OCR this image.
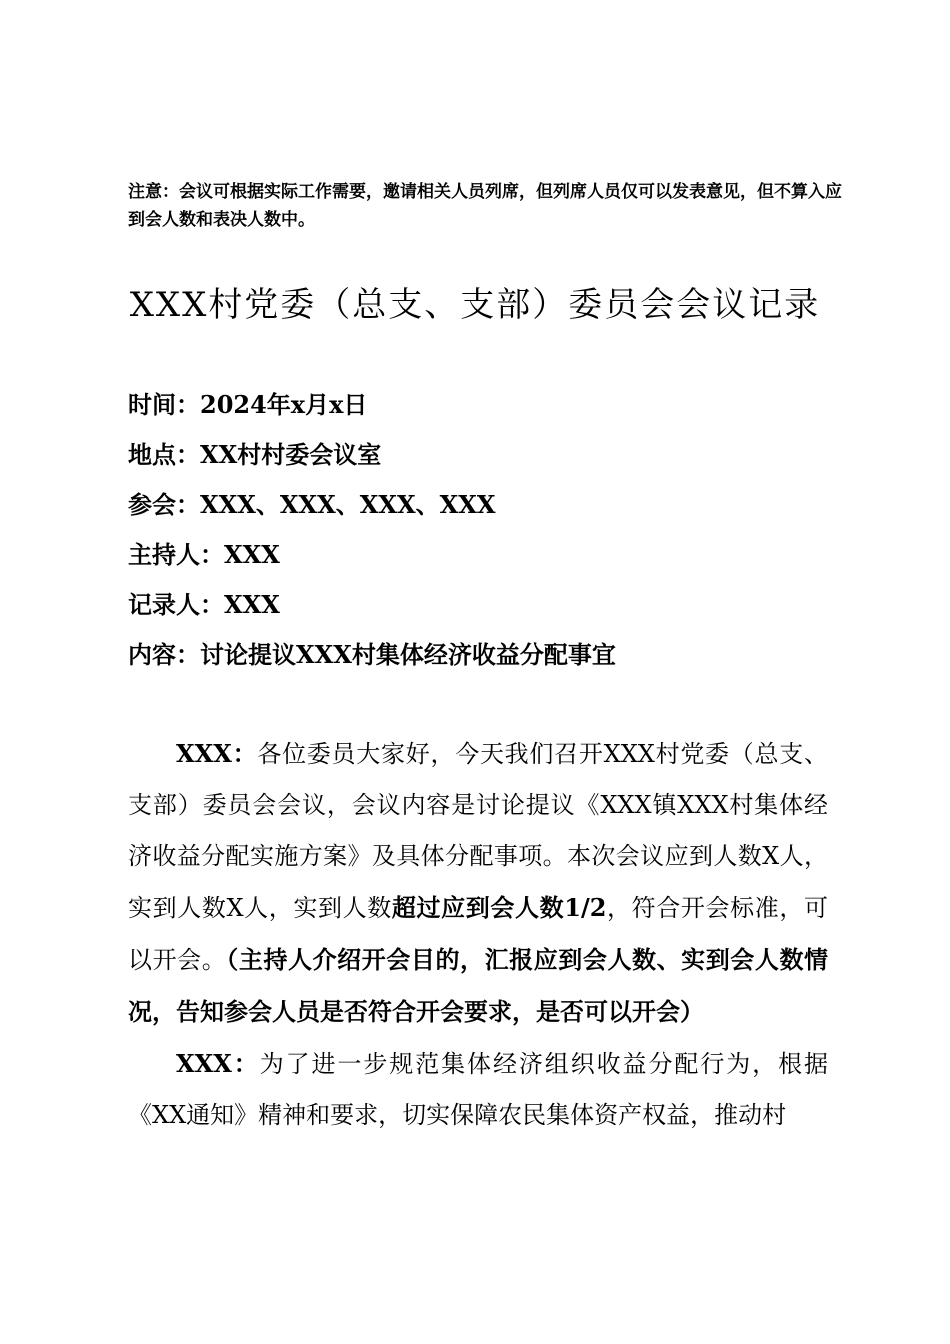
注意：会议可根据实际工作需要，邀请相关人员列席，但列席人员仅可以发表意见，但不算入应到会人数和表决人数中。
XXX村党委（总支、支部）委员会会议记录
时间：2024年x月x日
地点：XX村村委会议室
参会：XXX、XXX、XXX、XXX
主持人：XXX
记录人：XXX
内容：讨论提议XXX村集体经济收益分配事宜

XXX：各位委员大家好，今天我们召开XXX村党委（总支、支部）委员会会议，会议内容是讨论提议《XXX镇XXX村集体经济收益分配实施方案》及具体分配事项。本次会议应到人数X人，实到人数X人，实到人数超过应到会人数1/2，符合开会标准，可以开会。（主持人介绍开会目的，汇报应到会人数、实到会人数情况，告知参会人员是否符合开会要求，是否可以开会）

XXX：为了进一步规范集体经济组织收益分配行为，根据《XX通知》精神和要求，切实保障农民集体资产权益，推动村
